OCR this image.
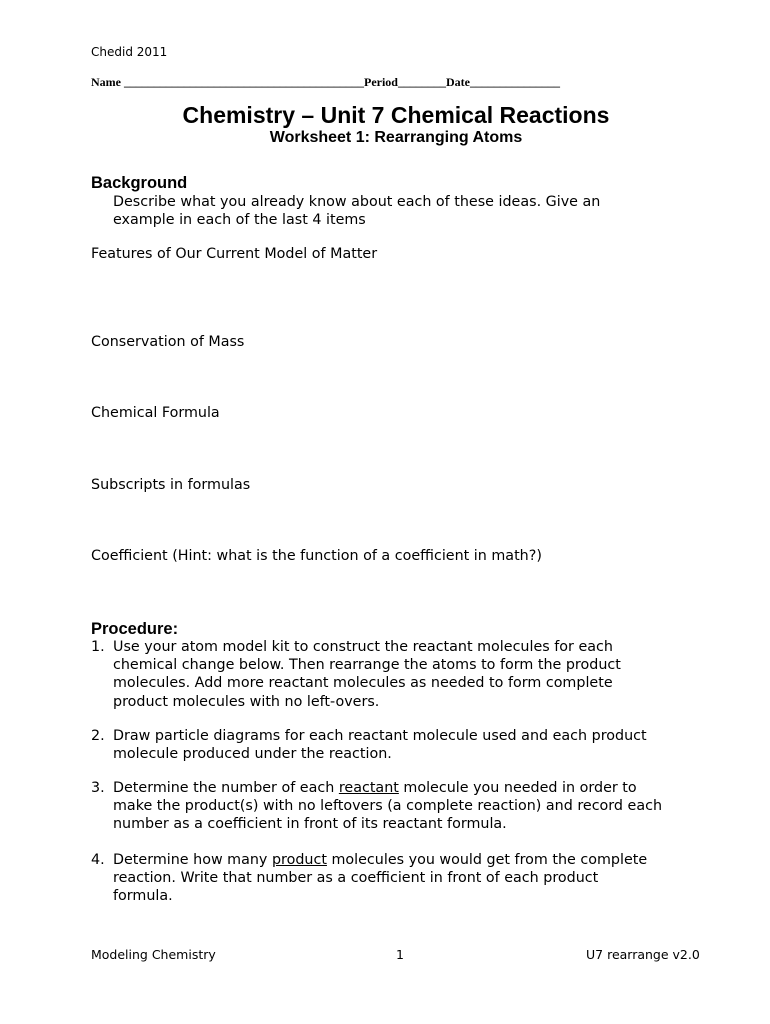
Chedid 2011
Name ________________________________________Period________Date_______________
Chemistry – Unit 7 Chemical Reactions
Worksheet 1: Rearranging Atoms
Background
Describe what you already know about each of these ideas. Give an
example in each of the last 4 items
Features of Our Current Model of Matter
Conservation of Mass
Chemical Formula
Subscripts in formulas
Coefficient (Hint: what is the function of a coefficient in math?)
Procedure:
1. Use your atom model kit to construct the reactant molecules for each
chemical change below. Then rearrange the atoms to form the product
molecules. Add more reactant molecules as needed to form complete
product molecules with no left-overs.
2. Draw particle diagrams for each reactant molecule used and each product
molecule produced under the reaction.
3. Determine the number of each reactant molecule you needed in order to
make the product(s) with no leftovers (a complete reaction) and record each
number as a coefficient in front of its reactant formula.
4. Determine how many product molecules you would get from the complete
reaction. Write that number as a coefficient in front of each product
formula.
Modeling Chemistry	1	U7 rearrange v2.0
